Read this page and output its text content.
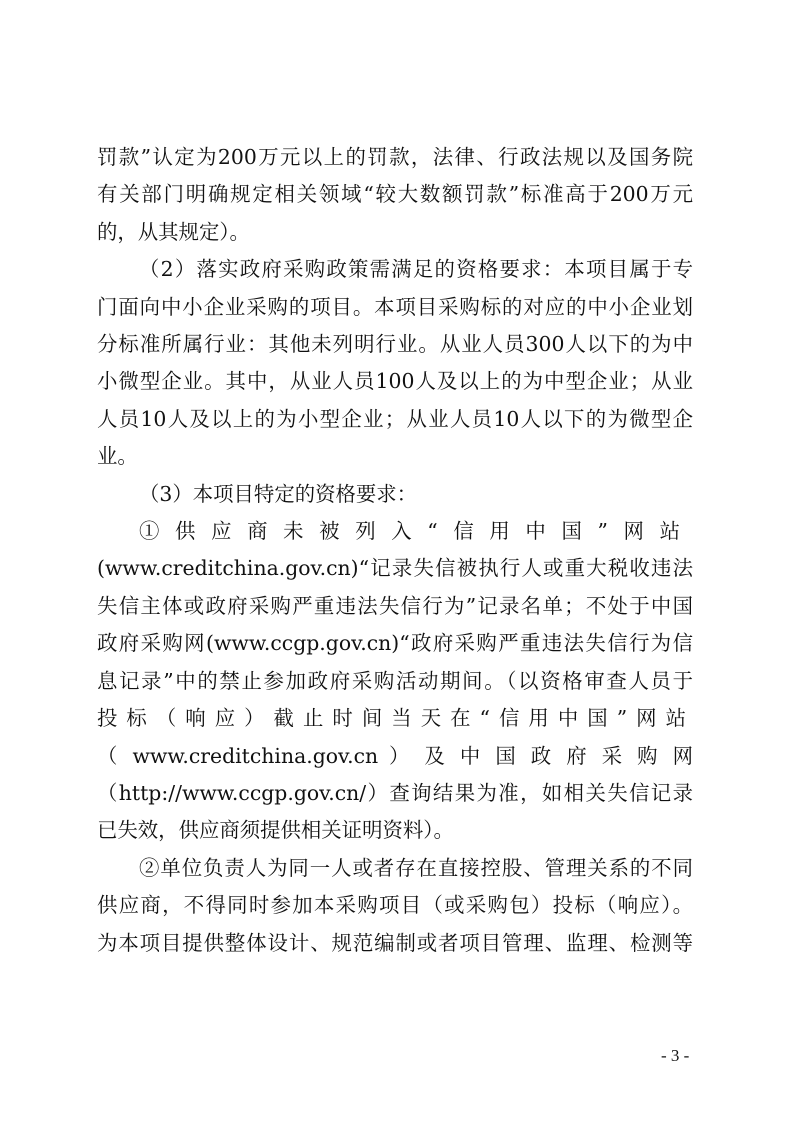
罚款”认定为200万元以上的罚款，法律、行政法规以及国务院
有关部门明确规定相关领域“较大数额罚款”标准高于200万元
的，从其规定）。

（2）落实政府采购政策需满足的资格要求：本项目属于专
门面向中小企业采购的项目。本项目采购标的对应的中小企业划
分标准所属行业：其他未列明行业。从业人员300人以下的为中
小微型企业。其中，从业人员100人及以上的为中型企业；从业
人员10人及以上的为小型企业；从业人员10人以下的为微型企
业。

（3）本项目特定的资格要求：

①供应商未被列入“信用中国”网站
(www.creditchina.gov.cn)“记录失信被执行人或重大税收违法
失信主体或政府采购严重违法失信行为”记录名单；不处于中国
政府采购网(www.ccgp.gov.cn)“政府采购严重违法失信行为信
息记录”中的禁止参加政府采购活动期间。（以资格审查人员于
投标（响应）截止时间当天在“信用中国”网站
（ www.creditchina.gov.cn ） 及 中 国 政 府 采 购 网
（http://www.ccgp.gov.cn/）查询结果为准，如相关失信记录
已失效，供应商须提供相关证明资料）。

②单位负责人为同一人或者存在直接控股、管理关系的不同
供应商，不得同时参加本采购项目（或采购包）投标（响应）。
为本项目提供整体设计、规范编制或者项目管理、监理、检测等

- 3 -
